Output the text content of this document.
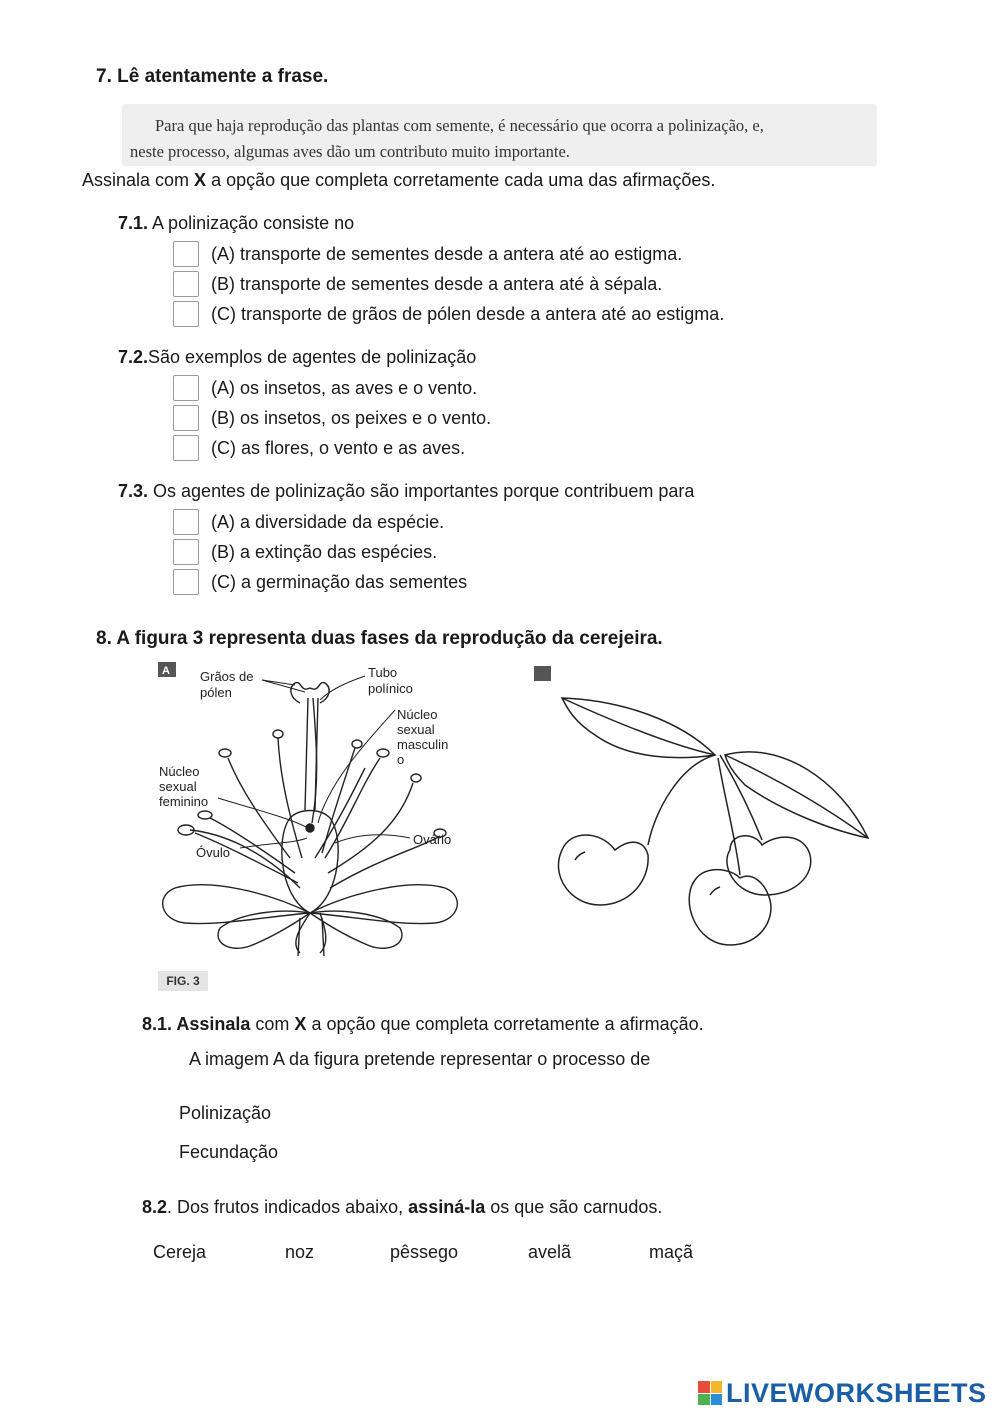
7. Lê atentamente a frase.
Para que haja reprodução das plantas com semente, é necessário que ocorra a polinização, e,
neste processo, algumas aves dão um contributo muito importante.
Assinala com X a opção que completa corretamente cada uma das afirmações.
7.1. A polinização consiste no
(A) transporte de sementes desde a antera até ao estigma.
(B) transporte de sementes desde a antera até à sépala.
(C) transporte de grãos de pólen desde a antera até ao estigma.
7.2.São exemplos de agentes de polinização
(A) os insetos, as aves e o vento.
(B) os insetos, os peixes e o vento.
(C) as flores, o vento e as aves.
7.3. Os agentes de polinização são importantes porque contribuem para
(A) a diversidade da espécie.
(B) a extinção das espécies.
(C) a germinação das sementes
8. A figura 3 representa duas fases da reprodução da cerejeira.
A Grãos de
pólen
Tubo
polínico
Núcleo
sexual
masculin
o
Núcleo
sexual
feminino
Ovário
Óvulo
FIG. 3
8.1. Assinala com X a opção que completa corretamente a afirmação.
A imagem A da figura pretende representar o processo de
Polinização
Fecundação
8.2. Dos frutos indicados abaixo, assiná-la os que são carnudos.
Cereja	noz	pêssego	avelã	maçã
LIVEWORKSHEETS
